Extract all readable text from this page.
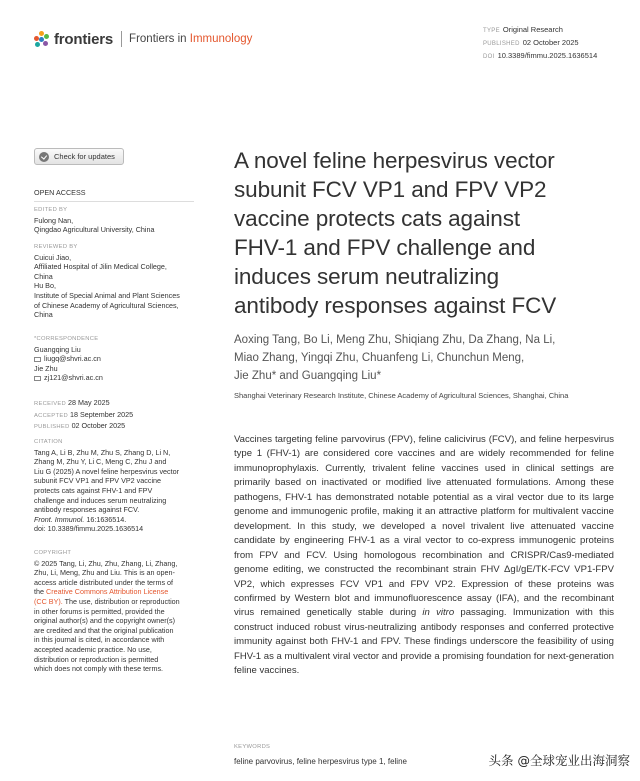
frontiers Frontiers in Immunology
TYPE Original Research
PUBLISHED 02 October 2025
DOI 10.3389/fimmu.2025.1636514
Check for updates
OPEN ACCESS
EDITED BY
Fulong Nan,
Qingdao Agricultural University, China
REVIEWED BY
Cuicui Jiao,
Affiliated Hospital of Jilin Medical College,
China
Hu Bo,
Institute of Special Animal and Plant Sciences
of Chinese Academy of Agricultural Sciences,
China
*CORRESPONDENCE
Guangqing Liu
liugq@shvri.ac.cn
Jie Zhu
zj121@shvri.ac.cn
RECEIVED 28 May 2025
ACCEPTED 18 September 2025
PUBLISHED 02 October 2025
CITATION
Tang A, Li B, Zhu M, Zhu S, Zhang D, Li N,
Zhang M, Zhu Y, Li C, Meng C, Zhu J and
Liu G (2025) A novel feline herpesvirus vector
subunit FCV VP1 and FPV VP2 vaccine
protects cats against FHV-1 and FPV
challenge and induces serum neutralizing
antibody responses against FCV.
Front. Immunol. 16:1636514.
doi: 10.3389/fimmu.2025.1636514
COPYRIGHT
© 2025 Tang, Li, Zhu, Zhu, Zhang, Li, Zhang,
Zhu, Li, Meng, Zhu and Liu. This is an open-
access article distributed under the terms of
the Creative Commons Attribution License
(CC BY). The use, distribution or reproduction
in other forums is permitted, provided the
original author(s) and the copyright owner(s)
are credited and that the original publication
in this journal is cited, in accordance with
accepted academic practice. No use,
distribution or reproduction is permitted
which does not comply with these terms.
A novel feline herpesvirus vector
subunit FCV VP1 and FPV VP2
vaccine protects cats against
FHV-1 and FPV challenge and
induces serum neutralizing
antibody responses against FCV
Aoxing Tang, Bo Li, Meng Zhu, Shiqiang Zhu, Da Zhang, Na Li,
Miao Zhang, Yingqi Zhu, Chuanfeng Li, Chunchun Meng,
Jie Zhu* and Guangqing Liu*
Shanghai Veterinary Research Institute, Chinese Academy of Agricultural Sciences, Shanghai, China
Vaccines targeting feline parvovirus (FPV), feline calicivirus (FCV), and feline herpesvirus type 1 (FHV-1) are considered core vaccines and are widely recommended for feline immunoprophylaxis. Currently, trivalent feline vaccines used in clinical settings are primarily based on inactivated or modified live attenuated formulations. Among these pathogens, FHV-1 has demonstrated notable potential as a viral vector due to its large genome and immunogenic profile, making it an attractive platform for multivalent vaccine development. In this study, we developed a novel trivalent live attenuated vaccine candidate by engineering FHV-1 as a viral vector to co-express immunogenic proteins from FPV and FCV. Using homologous recombination and CRISPR/Cas9-mediated genome editing, we constructed the recombinant strain FHV ΔgI/gE/TK-FCV VP1-FPV VP2, which expresses FCV VP1 and FPV VP2. Expression of these proteins was confirmed by Western blot and immunofluorescence assay (IFA), and the recombinant virus remained genetically stable during in vitro passaging. Immunization with this construct induced robust virus-neutralizing antibody responses and conferred protective immunity against both FHV-1 and FPV. These findings underscore the feasibility of using FHV-1 as a multivalent viral vector and provide a promising foundation for next-generation feline vaccines.
KEYWORDS
feline parvovirus, feline herpesvirus type 1, feline	头条 @全球宠业出海洞察
